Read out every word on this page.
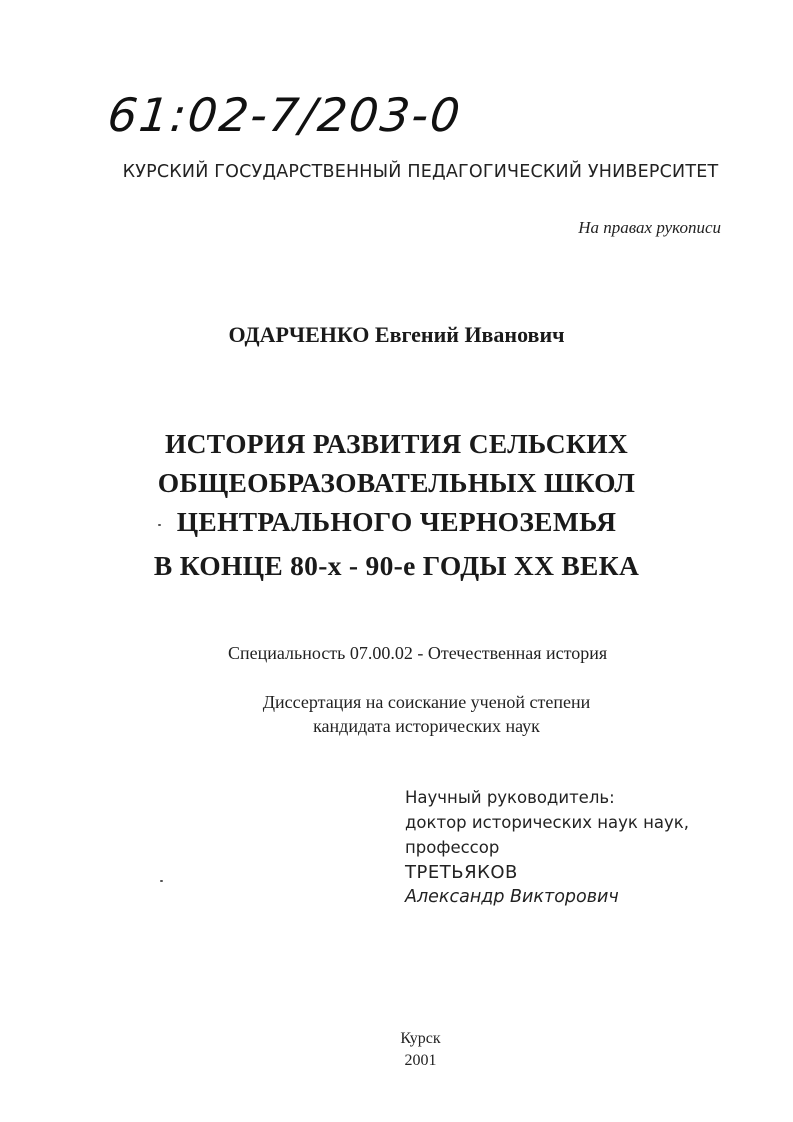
61:02-7/203-0
КУРСКИЙ ГОСУДАРСТВЕННЫЙ ПЕДАГОГИЧЕСКИЙ УНИВЕРСИТЕТ
На правах рукописи
ОДАРЧЕНКО Евгений Иванович
ИСТОРИЯ РАЗВИТИЯ СЕЛЬСКИХ
ОБЩЕОБРАЗОВАТЕЛЬНЫХ ШКОЛ
ЦЕНТРАЛЬНОГО ЧЕРНОЗЕМЬЯ
В КОНЦЕ 80-х - 90-е ГОДЫ XX ВЕКА
Специальность 07.00.02 - Отечественная история
Диссертация на соискание ученой степени
кандидата исторических наук
Научный руководитель:
доктор исторических наук наук,
профессор
ТРЕТЬЯКОВ
Александр Викторович
Курск
2001
